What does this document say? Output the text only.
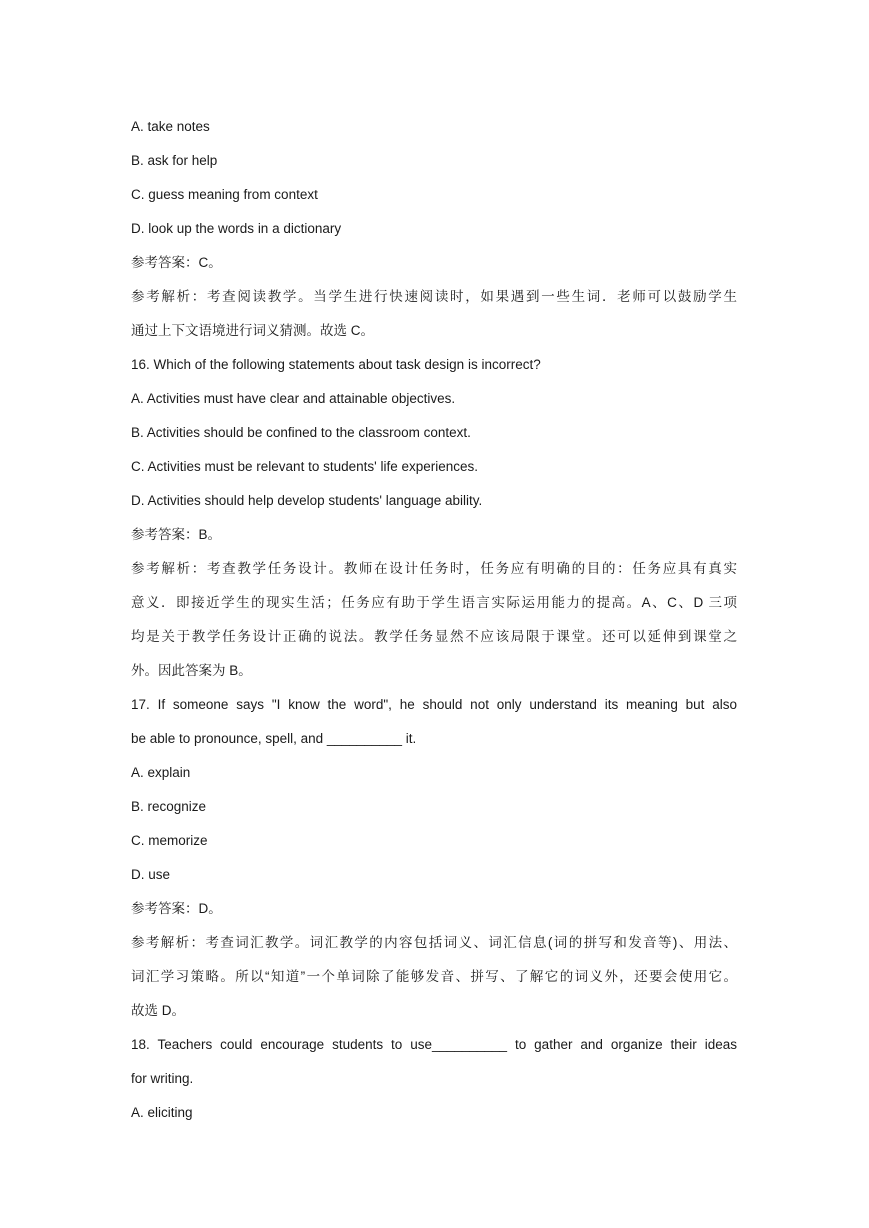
A. take notes
B. ask for help
C. guess meaning from context
D. look up the words in a dictionary
参考答案：C。
参考解析：考查阅读教学。当学生进行快速阅读时，如果遇到一些生词．老师可以鼓励学生
通过上下文语境进行词义猜测。故选 C。
16. Which of the following statements about task design is incorrect?
A. Activities must have clear and attainable objectives.
B. Activities should be confined to the classroom context.
C. Activities must be relevant to students' life experiences.
D. Activities should help develop students' language ability.
参考答案：B。
参考解析：考查教学任务设计。教师在设计任务时，任务应有明确的目的：任务应具有真实
意义．即接近学生的现实生活；任务应有助于学生语言实际运用能力的提高。A、C、D 三项
均是关于教学任务设计正确的说法。教学任务显然不应该局限于课堂。还可以延伸到课堂之
外。因此答案为 B。
17. If someone says "I know the word", he should not only understand its meaning but also
be able to pronounce, spell, and __________ it.
A. explain
B. recognize
C. memorize
D. use
参考答案：D。
参考解析：考查词汇教学。词汇教学的内容包括词义、词汇信息(词的拼写和发音等)、用法、
词汇学习策略。所以“知道”一个单词除了能够发音、拼写、了解它的词义外，还要会使用它。
故选 D。
18. Teachers could encourage students to use__________ to gather and organize their ideas
for writing.
A. eliciting
